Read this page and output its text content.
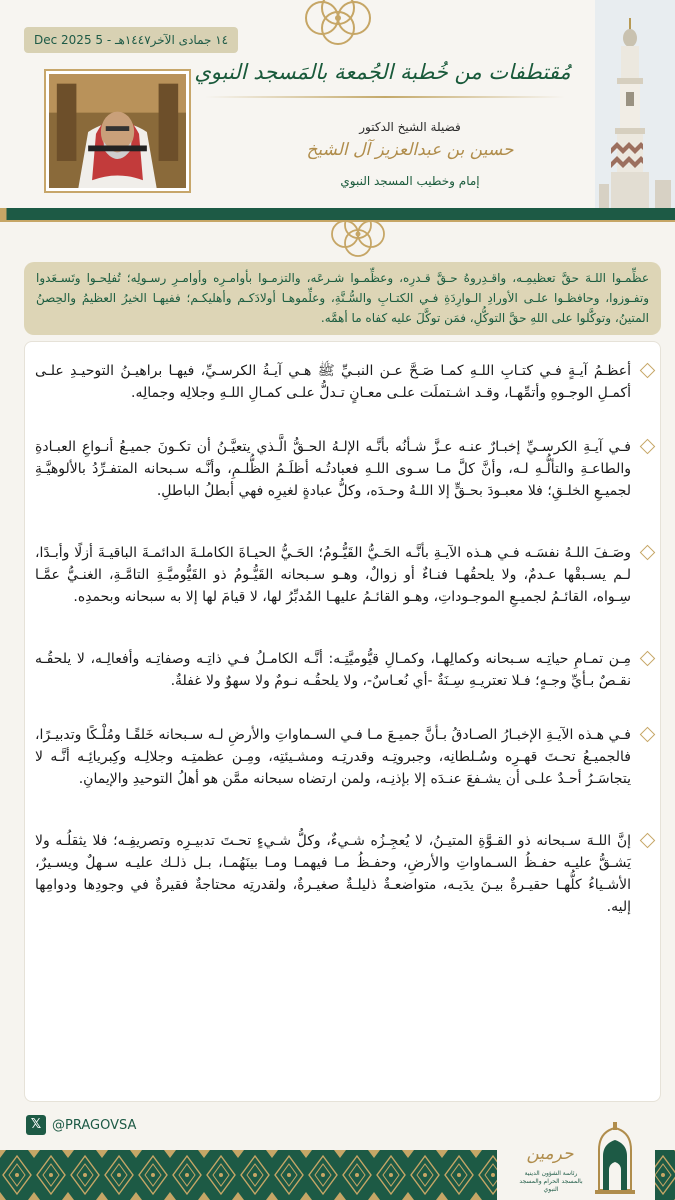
١٤ جمادى الآخر١٤٤٧هـ - 5 Dec 2025
مُقتطفات من خُطبة الجُمعة بالمَسجد النبوي
فضيلة الشيخ الدكتور
حسين بن عبدالعزيز آل الشيخ
إمام وخطيب المسجد النبوي
عظِّمـوا اللـهَ حقَّ تعظيمِـه، واقـدِروهُ حـقَّ قـدرِه، وعظِّمـوا شـرعَه، والتزمـوا بأوامـرِه وأوامـرِ رسـولِه؛ تُفلِحـوا وتَسـعَدوا وتفـوزوا، وحافظـوا علـى الأورادِ الـوارِدَةِ فـي الكتـابِ والسُّـنَّةِ، وعلِّموهـا أولادَكـم وأهليكـم؛ ففيهـا الخيرُ العظيمُ والحِصنُ المتينُ، وتوكَّلوا على اللهِ حقَّ التوكُّلِ، فمَن توكَّلَ عليه كفاه ما أهمَّه.
أعظـمُ آيـةٍ فـي كتـابِ اللـهِ كمـا صَـحَّ عـن النبـيِّ ﷺ هـي آيـةُ الكرسـيِّ، فيهـا براهيـنُ التوحيـدِ علـى أكمـلِ الوجـوهِ وأتمِّهـا، وقـد اشـتملَت علـى معـانٍ تـدلُّ علـى كمـالِ اللـهِ وجلالِه وجمالِه.
فـي آيـةِ الكرسـيِّ إخبـارٌ عنـه عـزَّ شـأنُه بأنَّـه الإلـهُ الحـقُّ الَّـذي يتعيَّـنُ أن تكـونَ جميـعُ أنـواعِ العبـادةِ والطاعـةِ والتألُّـهِ لـه، وأنَّ كلَّ مـا سـوى اللـهِ فعبادتُـه أظلَـمُ الظُّلـمِ، وأنَّـه سـبحانه المتفـرِّدُ بالألوهيَّـةِ لجميـعِ الخلـقِ؛ فلا معبـودَ بحـقٍّ إلا اللـهُ وحـدَه، وكلُّ عبادةٍ لغيرِه فهي أبطلُ الباطلِ.
وصَـفَ اللـهُ نفسَـه فـي هـذه الآيـةِ بأنَّـه الحَـيُّ القَيُّـومُ؛ الحَـيُّ الحيـاةَ الكاملـةَ الدائمـةَ الباقيـةَ أزلًا وأبـدًا، لـم يسـبقْها عـدمٌ، ولا يلحقُهـا فنـاءٌ أو زوالٌ، وهـو سـبحانه القَيُّـومُ ذو القَيُّوميَّـةِ التامَّـةِ، الغنـيُّ عمَّـا سِـواه، القائـمُ لجميـعِ الموجـوداتِ، وهـو القائـمُ عليهـا المُدبِّرُ لها، لا قيامَ لها إلا به سبحانه وبحمدِه.
مِـن تمـامِ حياتِـه سـبحانه وكمالِهـا، وكمـالِ قيُّوميَّتِـه: أنَّـه الكامـلُ فـي ذاتِـه وصفاتِـه وأفعالِـه، لا يلحقُـه نقـصٌ بـأيِّ وجـهٍ؛ فـلا تعتريـهِ سِـنَةٌ -أي نُعـاسٌ-، ولا يلحقُـه نـومٌ ولا سهوٌ ولا غفلةٌ.
فـي هـذه الآيـةِ الإخبـارُ الصـادقُ بـأنَّ جميـعَ مـا فـي السـماواتِ والأرضِ لـه سـبحانه خَلقًـا ومُلْـكًا وتدبيـرًا، فالجميـعُ تحـتَ قهـرِه وسُـلطانِه، وجبروتِـه وقدرتِـه ومشـيئتِه، ومِـن عظمتِـه وجلالِـه وكِبريائِـه أنَّـه لا يتجاسَـرُ أحـدٌ علـى أن يشـفعَ عنـدَه إلا بإذنِـه، ولمن ارتضاه سبحانه ممَّن هو أهلُ التوحيدِ والإيمانِ.
إنَّ اللـهَ سـبحانه ذو القـوَّةِ المتيـنُ، لا يُعجِـزُه شـيءٌ، وكلُّ شـيءٍ تحـتَ تدبيـرِه وتصريفِـه؛ فلا يثقلُـه ولا يَشـقُّ عليـه حفـظُ السـماواتِ والأرضِ، وحفـظُ مـا فيهمـا ومـا بينَهُمـا، بـل ذلـك عليـه سـهلٌ ويسـيرٌ، الأشـياءُ كلُّهـا حقيـرةٌ بيـنَ يدَيـه، متواضعـةٌ ذليلـةٌ صغيـرةٌ، ولقدرتِه محتاجةٌ فقيرةٌ في وجودِها ودوامِها إليه.
𝕏 @PRAGOVSA
حرمين
رئاسة الشؤون الدينية بالمسجد الحرام والمسجد النبوي
